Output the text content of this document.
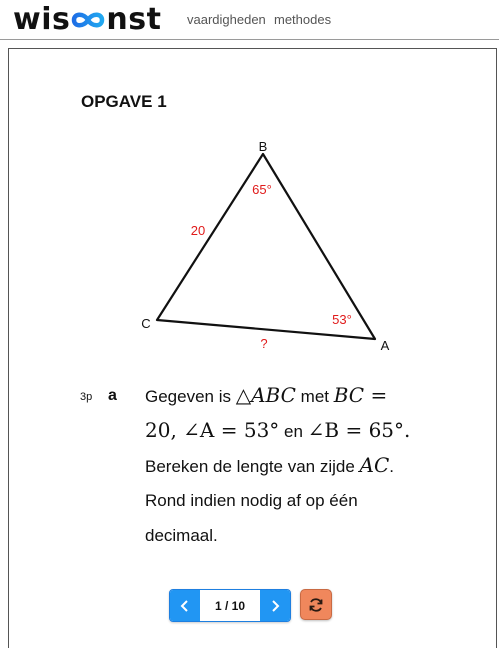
wis nst vaardigheden methodes
OPGAVE 1
B
C
A
65°
53°
20
?
3p a Gegeven is △ABC met BC =
20, ∠A = 53° en ∠B = 65°.
Bereken de lengte van zijde AC.
Rond indien nodig af op één
decimaal.
1 / 10
